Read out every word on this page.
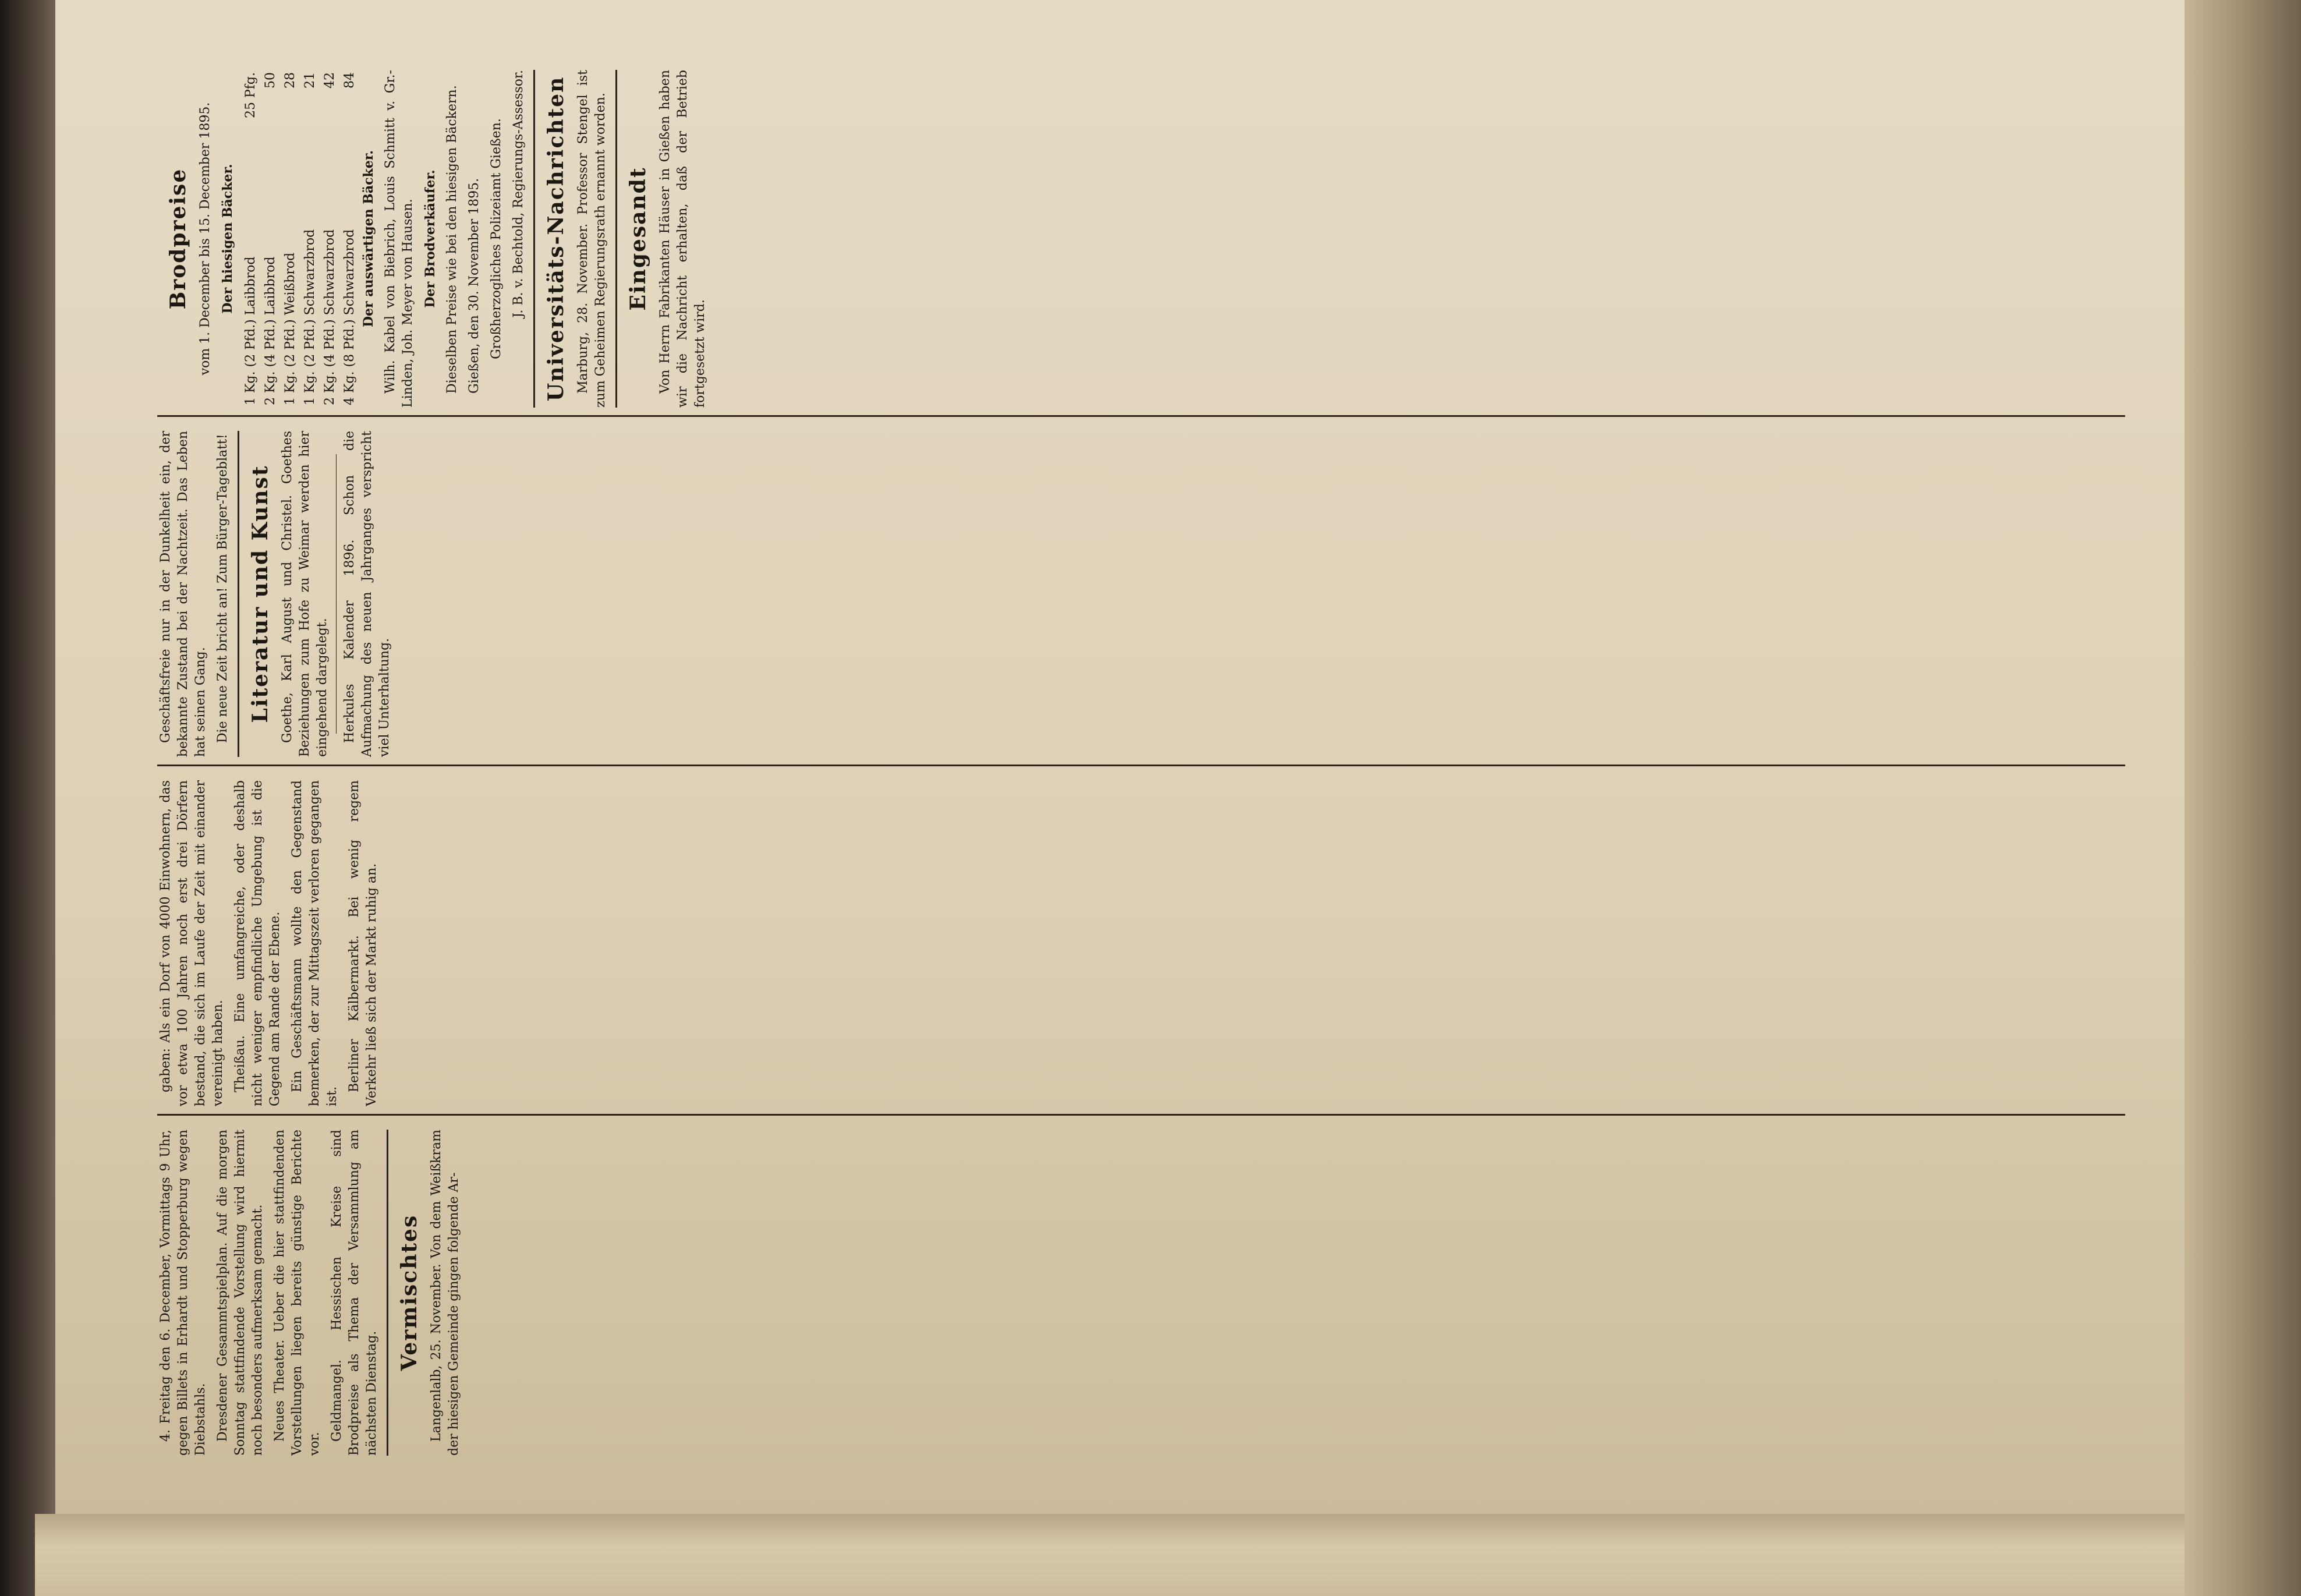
4. Freitag den 6. December, Vormittags 9 Uhr, gegen Billets in Erhardt und Stopperburg wegen Diebstahls. Dresdener Gesammtspielplan. Auf die morgen Sonntag stattfindende Vorstellung wird hiermit noch besonders aufmerksam gemacht. Neues Theater. Ueber die hier stattfindenden Vorstellungen liegen bereits günstige Berichte vor.

Geldmangel. Hessischen Kreise sind Brodpreise als Thema der Versammlung am nächsten Dienstag.

Vermischtes Langenlalb, 25. November. Von dem Weißkram der hiesigen Gemeinde gingen folgende Ar-

gaben: Als ein Dorf von 4000 Einwohnern, das vor etwa 100 Jahren noch erst drei Dörfern bestand, die sich im Laufe der Zeit mit einander vereinigt haben. Theißau. Eine umfangreiche, oder deshalb nicht weniger empfindliche Umgebung ist die Gegend am Rande der Ebene. Ein Geschäftsmann wollte den Gegenstand bemerken, der zur Mittagszeit verloren gegangen ist.

Berliner Kälbermarkt. Bei wenig regem Verkehr ließ sich der Markt ruhig an.

Geschäftsfreie nur in der Dunkelheit ein, der bekannte Zustand bei der Nachtzeit. Das Leben hat seinen Gang. Die neue Zeit bricht an! Zum Bürger-Tageblatt! Literatur und Kunst Goethe, Karl August und Christel. Goethes Beziehungen zum Hofe zu Weimar werden hier eingehend dargelegt. Herkules Kalender 1896. Schon die Aufmachung des neuen Jahrganges verspricht viel Unterhaltung.

Brodpreise vom 1. December bis 15. December 1895. Der hiesigen Bäcker.

1 Kg. (2 Pfd.) Laibbrod	25 Pfg.
2 Kg. (4 Pfd.) Laibbrod	50
1 Kg. (2 Pfd.) Weißbrod	28
1 Kg. (2 Pfd.) Schwarzbrod	21
2 Kg. (4 Pfd.) Schwarzbrod	42
4 Kg. (8 Pfd.) Schwarzbrod	84

Der auswärtigen Bäcker. Wilh. Kabel von Biebrich, Louis Schmitt v. Gr.-Linden, Joh. Meyer von Hausen. Der Brodverkäufer. Dieselben Preise wie bei den hiesigen Bäckern. Gießen, den 30. November 1895. Großherzogliches Polizeiamt Gießen. J. B. v. Bechtold, Regierungs-Assessor. Universitäts-Nachrichten Marburg, 28. November. Professor Stengel ist zum Geheimen Regierungsrath ernannt worden. Eingesandt Von Herrn Fabrikanten Häuser in Gießen haben wir die Nachricht erhalten, daß der Betrieb fortgesetzt wird.
